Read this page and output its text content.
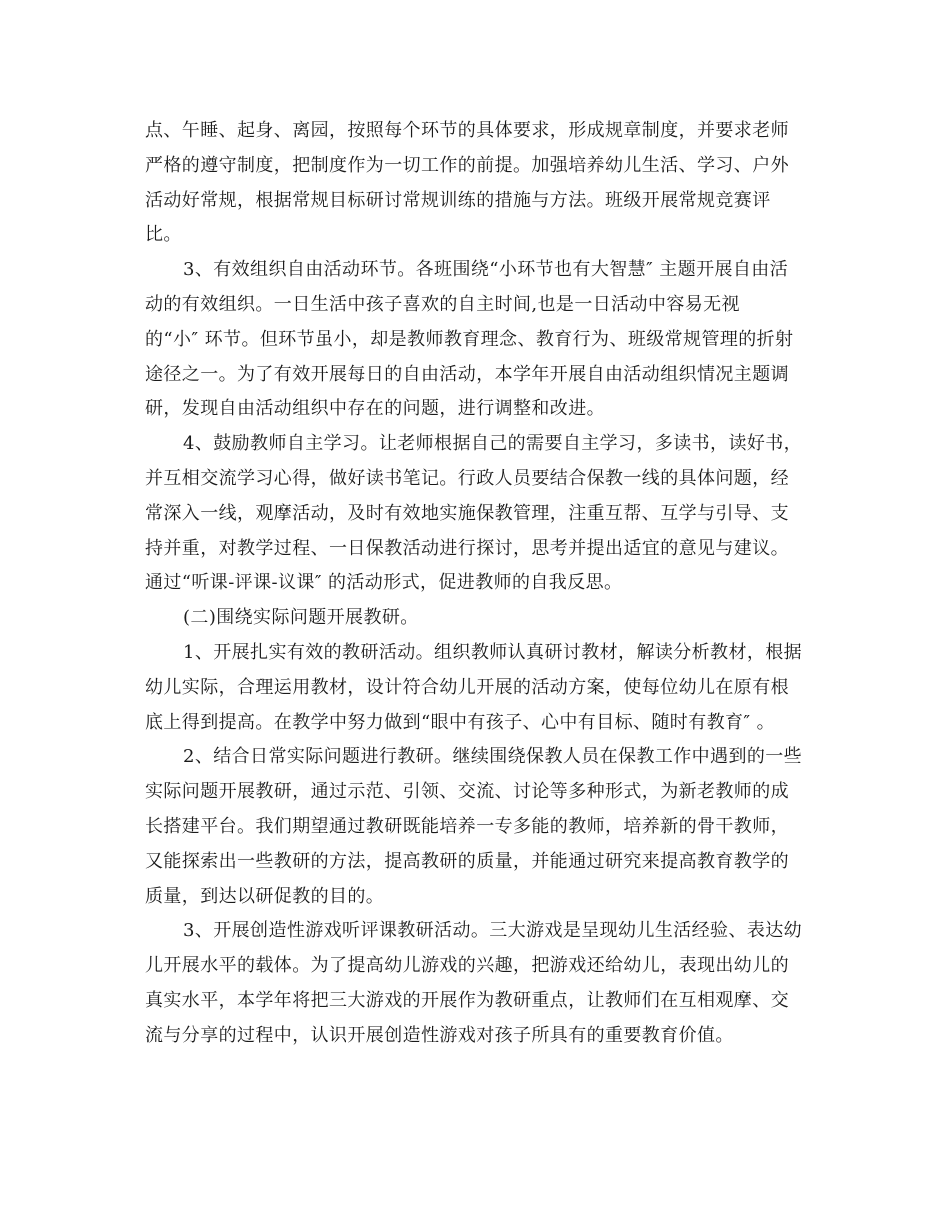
点、午睡、起身、离园，按照每个环节的具体要求，形成规章制度，并要求老师
严格的遵守制度，把制度作为一切工作的前提。加强培养幼儿生活、学习、户外
活动好常规，根据常规目标研讨常规训练的措施与方法。班级开展常规竞赛评
比。
3、有效组织自由活动环节。各班围绕“小环节也有大智慧″ 主题开展自由活
动的有效组织。一日生活中孩子喜欢的自主时间,也是一日活动中容易无视
的“小″ 环节。但环节虽小，却是教师教育理念、教育行为、班级常规管理的折射
途径之一。为了有效开展每日的自由活动，本学年开展自由活动组织情况主题调
研，发现自由活动组织中存在的问题，进行调整和改进。
4、鼓励教师自主学习。让老师根据自己的需要自主学习，多读书，读好书，
并互相交流学习心得，做好读书笔记。行政人员要结合保教一线的具体问题，经
常深入一线，观摩活动，及时有效地实施保教管理，注重互帮、互学与引导、支
持并重，对教学过程、一日保教活动进行探讨，思考并提出适宜的意见与建议。
通过“听课-评课-议课″ 的活动形式，促进教师的自我反思。
(二)围绕实际问题开展教研。
1、开展扎实有效的教研活动。组织教师认真研讨教材，解读分析教材，根据
幼儿实际，合理运用教材，设计符合幼儿开展的活动方案，使每位幼儿在原有根
底上得到提高。在教学中努力做到“眼中有孩子、心中有目标、随时有教育″ 。
2、结合日常实际问题进行教研。继续围绕保教人员在保教工作中遇到的一些
实际问题开展教研，通过示范、引领、交流、讨论等多种形式，为新老教师的成
长搭建平台。我们期望通过教研既能培养一专多能的教师，培养新的骨干教师，
又能探索出一些教研的方法，提高教研的质量，并能通过研究来提高教育教学的
质量，到达以研促教的目的。
3、开展创造性游戏听评课教研活动。三大游戏是呈现幼儿生活经验、表达幼
儿开展水平的载体。为了提高幼儿游戏的兴趣，把游戏还给幼儿，表现出幼儿的
真实水平，本学年将把三大游戏的开展作为教研重点，让教师们在互相观摩、交
流与分享的过程中，认识开展创造性游戏对孩子所具有的重要教育价值。
